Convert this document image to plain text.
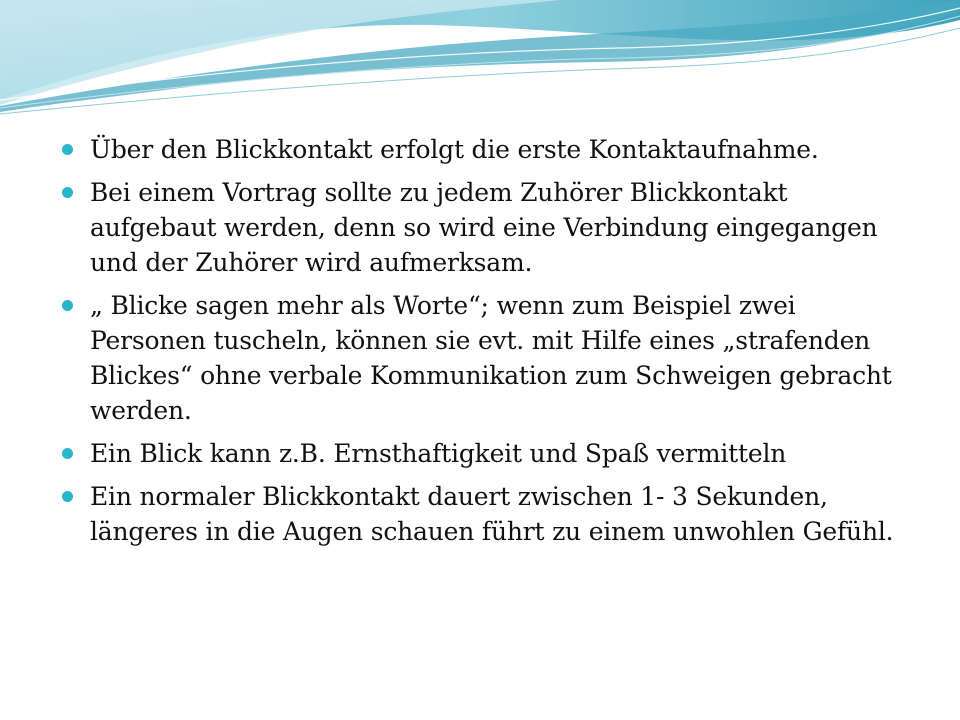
Über den Blickkontakt erfolgt die erste Kontaktaufnahme.
Bei einem Vortrag sollte zu jedem Zuhörer Blickkontakt aufgebaut werden, denn so wird eine Verbindung eingegangen und der Zuhörer wird aufmerksam.
„ Blicke sagen mehr als Worte“; wenn zum Beispiel zwei Personen tuscheln, können sie evt. mit Hilfe eines „strafenden Blickes“ ohne verbale Kommunikation zum Schweigen gebracht werden.
Ein Blick kann z.B. Ernsthaftigkeit und Spaß vermitteln
Ein normaler Blickkontakt dauert zwischen 1- 3 Sekunden, längeres in die Augen schauen führt zu einem unwohlen Gefühl.
